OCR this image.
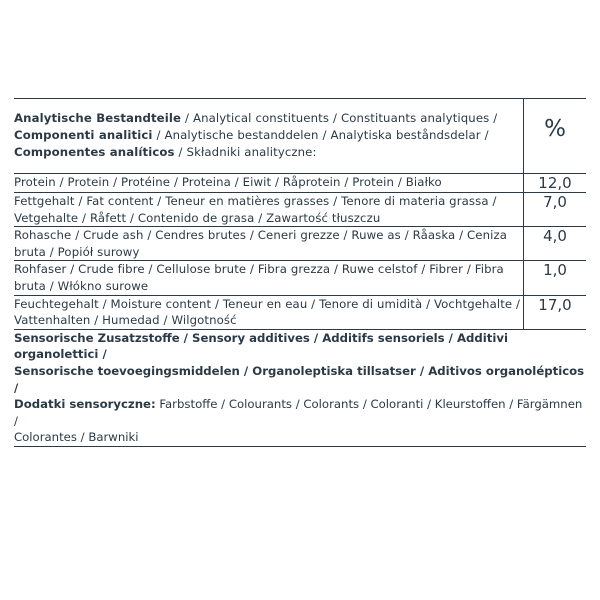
Analytische Bestandteile / Analytical constituents / Constituants analytiques / Componenti analitici / Analytische bestanddelen / Analytiska beståndsdelar / Componentes analíticos / Składniki analityczne:	%
Protein / Protein / Protéine / Proteina / Eiwit / Råprotein / Protein / Białko	12,0
Fettgehalt / Fat content / Teneur en matières grasses / Tenore di materia grassa / Vetgehalte / Råfett / Contenido de grasa / Zawartość tłuszczu	7,0
Rohasche / Crude ash / Cendres brutes / Ceneri grezze / Ruwe as / Råaska / Ceniza bruta / Popiół surowy	4,0
Rohfaser / Crude fibre / Cellulose brute / Fibra grezza / Ruwe celstof / Fibrer / Fibra bruta / Włókno surowe	1,0
Feuchtegehalt / Moisture content / Teneur en eau / Tenore di umidità / Vochtgehalte / Vattenhalten / Humedad / Wilgotność	17,0

Sensorische Zusatzstoffe / Sensory additives / Additifs sensoriels / Additivi organolettici /
Sensorische toevoegingsmiddelen / Organoleptiska tillsatser / Aditivos organolépticos /
Dodatki sensoryczne: Farbstoffe / Colourants / Colorants / Coloranti / Kleurstoffen / Färgämnen /
Colorantes / Barwniki	
